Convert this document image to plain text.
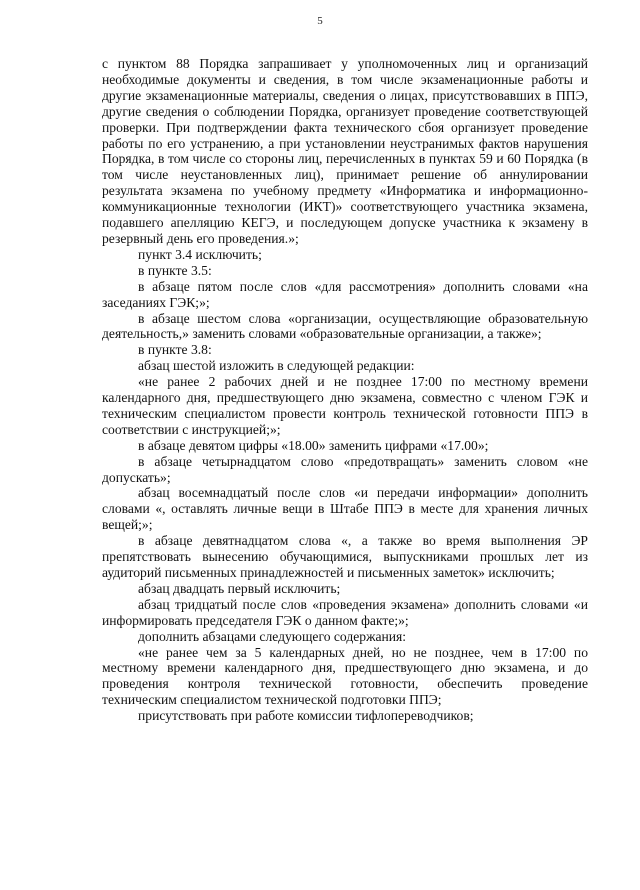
5

с пунктом 88 Порядка запрашивает у уполномоченных лиц и организаций необходимые документы и сведения, в том числе экзаменационные работы и другие экзаменационные материалы, сведения о лицах, присутствовавших в ППЭ, другие сведения о соблюдении Порядка, организует проведение соответствующей проверки. При подтверждении факта технического сбоя организует проведение работы по его устранению, а при установлении неустранимых фактов нарушения Порядка, в том числе со стороны лиц, перечисленных в пунктах 59 и 60 Порядка (в том числе неустановленных лиц), принимает решение об аннулировании результата экзамена по учебному предмету «Информатика и информационно-коммуникационные технологии (ИКТ)» соответствующего участника экзамена, подавшего апелляцию КЕГЭ, и последующем допуске участника к экзамену в резервный день его проведения.»;

пункт 3.4 исключить;

в пункте 3.5:

в абзаце пятом после слов «для рассмотрения» дополнить словами «на заседаниях ГЭК;»;

в абзаце шестом слова «организации, осуществляющие образовательную деятельность,» заменить словами «образовательные организации, а также»;

в пункте 3.8:

абзац шестой изложить в следующей редакции:

«не ранее 2 рабочих дней и не позднее 17:00 по местному времени календарного дня, предшествующего дню экзамена, совместно с членом ГЭК и техническим специалистом провести контроль технической готовности ППЭ в соответствии с инструкцией;»;

в абзаце девятом цифры «18.00» заменить цифрами «17.00»;

в абзаце четырнадцатом слово «предотвращать» заменить словом «не допускать»;

абзац восемнадцатый после слов «и передачи информации» дополнить словами «, оставлять личные вещи в Штабе ППЭ в месте для хранения личных вещей;»;

в абзаце девятнадцатом слова «, а также во время выполнения ЭР препятствовать вынесению обучающимися, выпускниками прошлых лет из аудиторий письменных принадлежностей и письменных заметок» исключить;

абзац двадцать первый исключить;

абзац тридцатый после слов «проведения экзамена» дополнить словами «и информировать председателя ГЭК о данном факте;»;

дополнить абзацами следующего содержания:

«не ранее чем за 5 календарных дней, но не позднее, чем в 17:00 по местному времени календарного дня, предшествующего дню экзамена, и до проведения контроля технической готовности, обеспечить проведение техническим специалистом технической подготовки ППЭ;

присутствовать при работе комиссии тифлопереводчиков;
